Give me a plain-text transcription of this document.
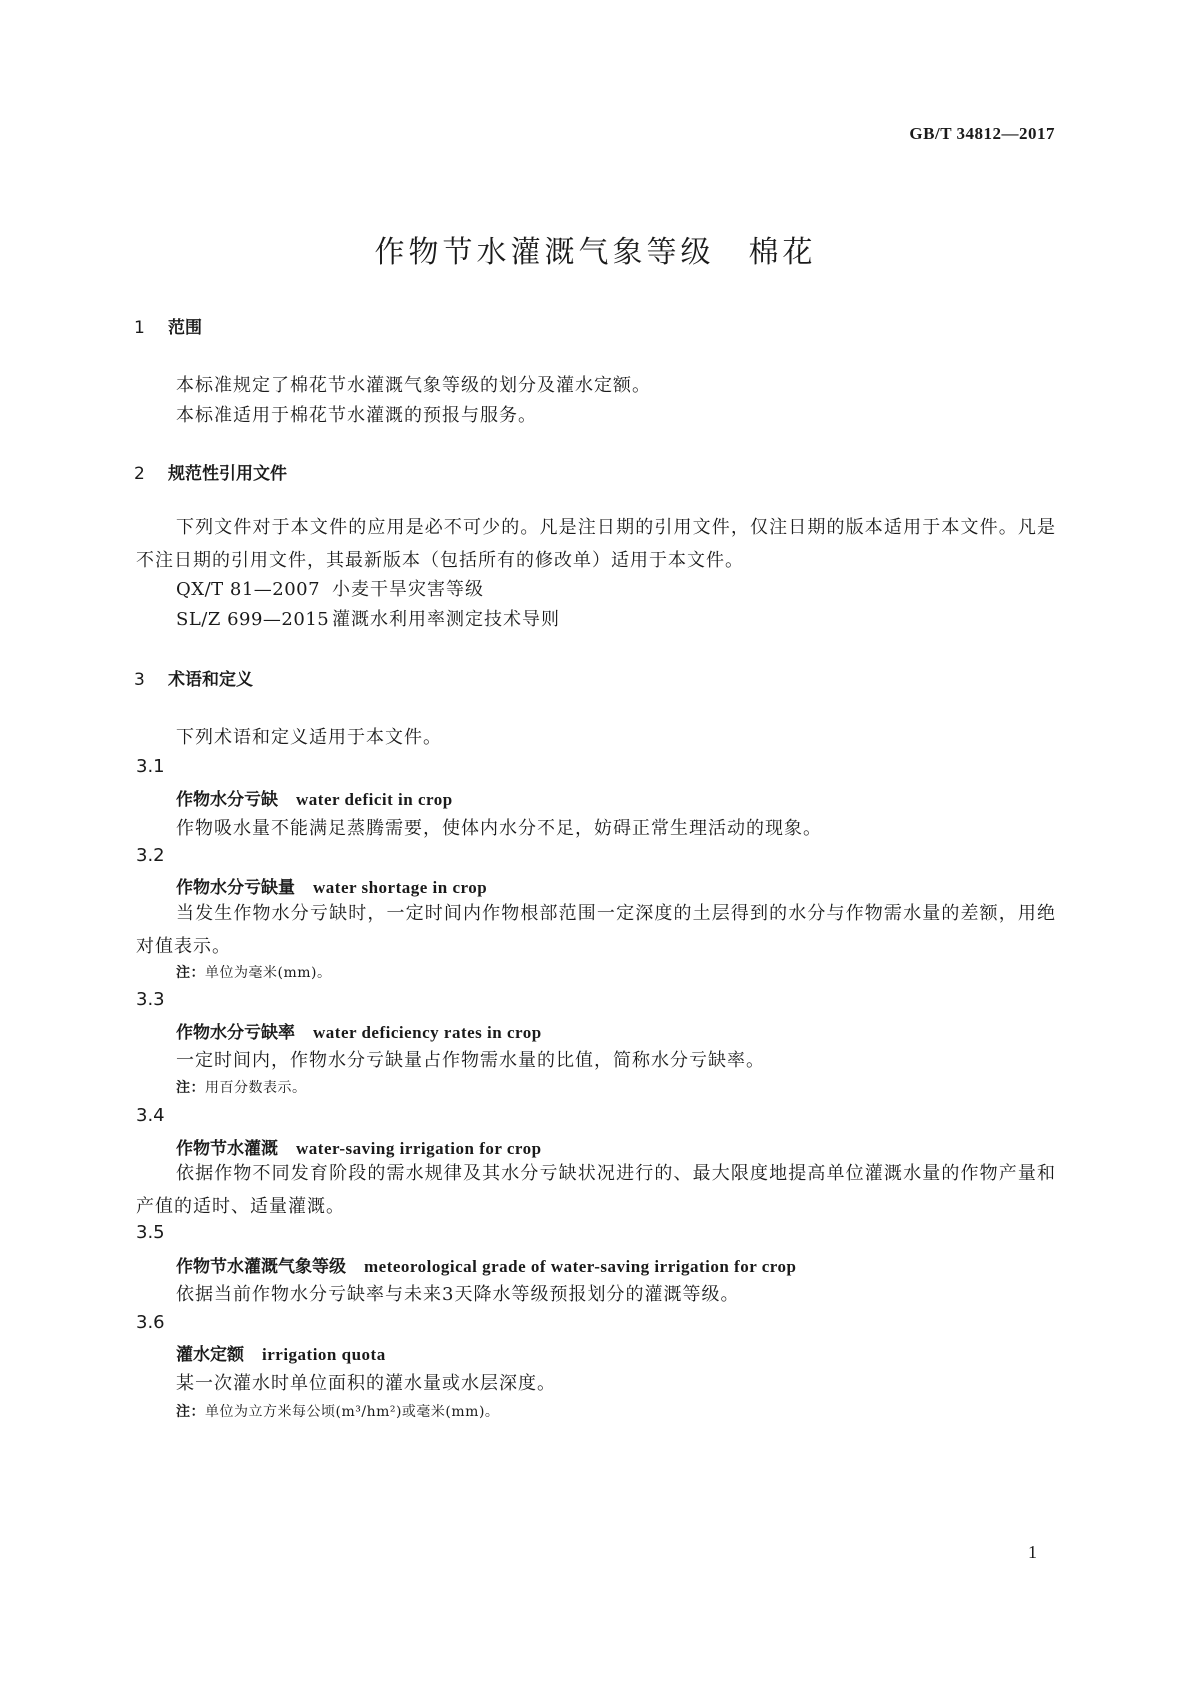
GB/T 34812—2017
作物节水灌溉气象等级　棉花
1 范围
本标准规定了棉花节水灌溉气象等级的划分及灌水定额。
本标准适用于棉花节水灌溉的预报与服务。
2 规范性引用文件
下列文件对于本文件的应用是必不可少的。凡是注日期的引用文件，仅注日期的版本适用于本文件。凡是不注日期的引用文件，其最新版本（包括所有的修改单）适用于本文件。
QX/T 81—2007 小麦干旱灾害等级
SL/Z 699—2015 灌溉水利用率测定技术导则
3 术语和定义
下列术语和定义适用于本文件。
3.1
作物水分亏缺 water deficit in crop
作物吸水量不能满足蒸腾需要，使体内水分不足，妨碍正常生理活动的现象。
3.2
作物水分亏缺量 water shortage in crop
当发生作物水分亏缺时，一定时间内作物根部范围一定深度的土层得到的水分与作物需水量的差额，用绝对值表示。
注：单位为毫米(mm)。
3.3
作物水分亏缺率 water deficiency rates in crop
一定时间内，作物水分亏缺量占作物需水量的比值，简称水分亏缺率。
注：用百分数表示。
3.4
作物节水灌溉 water-saving irrigation for crop
依据作物不同发育阶段的需水规律及其水分亏缺状况进行的、最大限度地提高单位灌溉水量的作物产量和产值的适时、适量灌溉。
3.5
作物节水灌溉气象等级 meteorological grade of water-saving irrigation for crop
依据当前作物水分亏缺率与未来3天降水等级预报划分的灌溉等级。
3.6
灌水定额 irrigation quota
某一次灌水时单位面积的灌水量或水层深度。
注：单位为立方米每公顷(m³/hm²)或毫米(mm)。
1
